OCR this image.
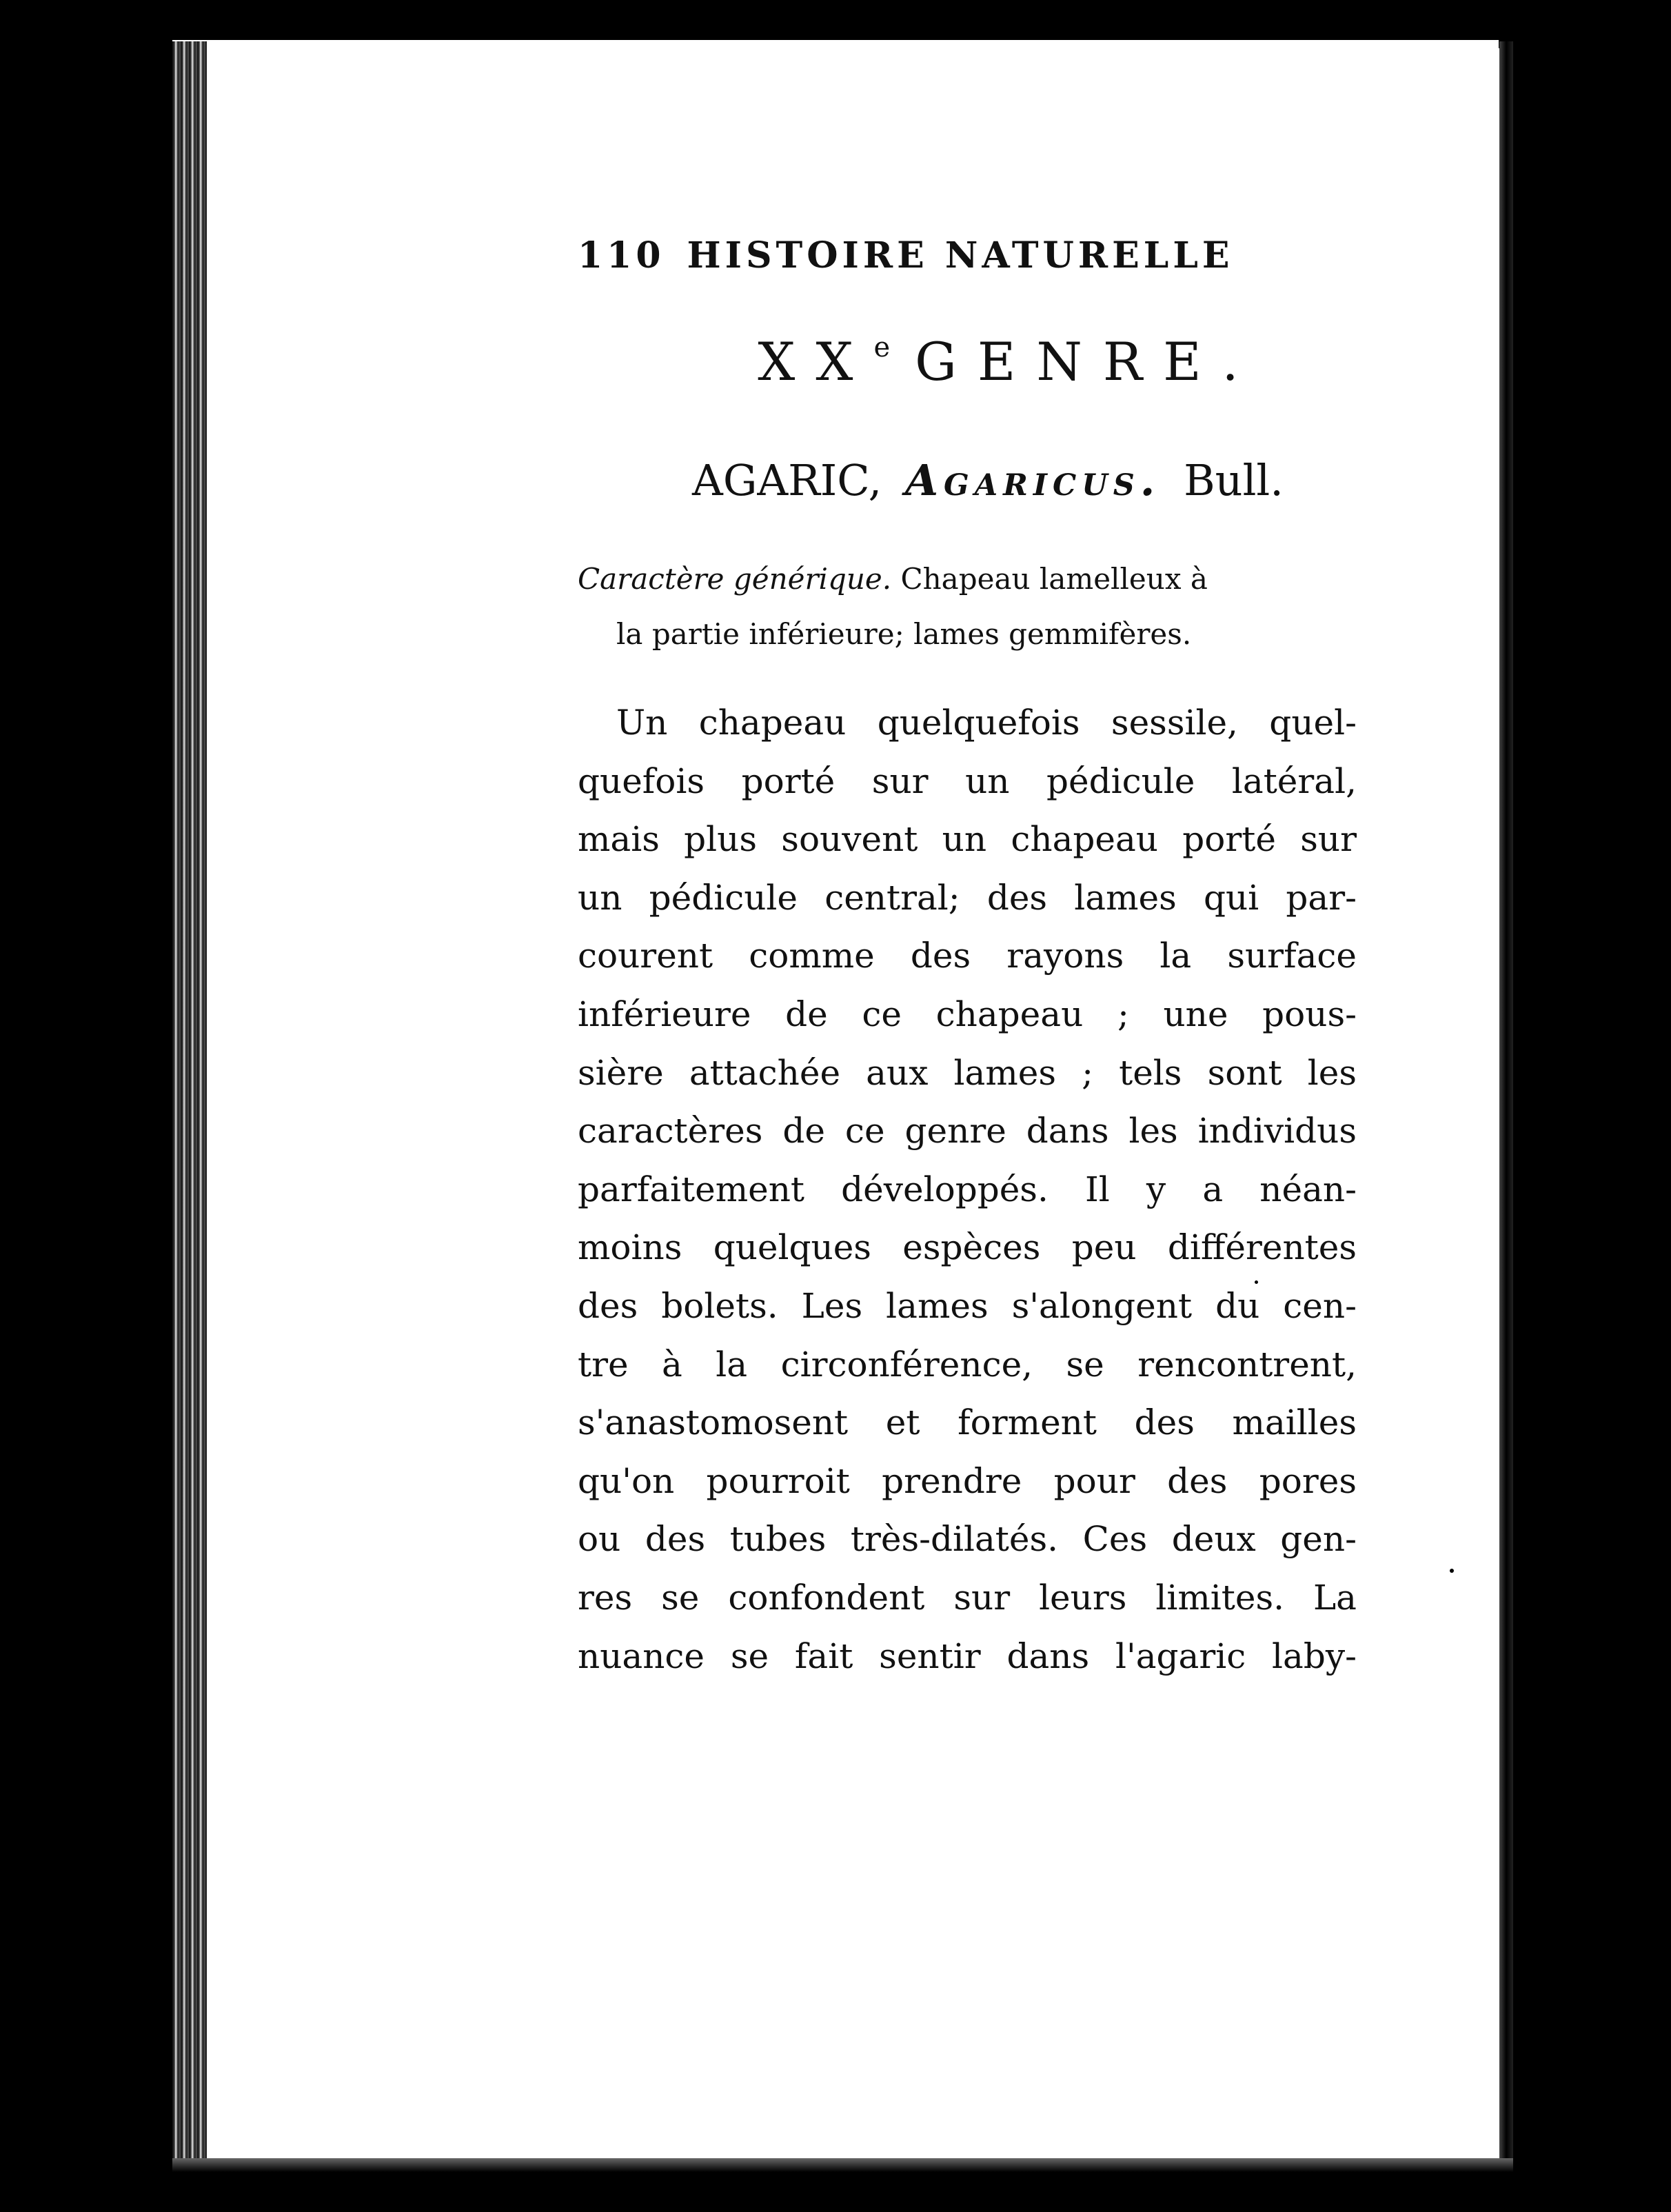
110 HISTOIRE NATURELLE
XXe GENRE.
AGARIC, Agaricus. Bull.
Caractère générique. Chapeau lamelleux à
la partie inférieure; lames gemmifères.
Un chapeau quelquefois sessile, quel-
quefois porté sur un pédicule latéral,
mais plus souvent un chapeau porté sur
un pédicule central; des lames qui par-
courent comme des rayons la surface
inférieure de ce chapeau ; une pous-
sière attachée aux lames ; tels sont les
caractères de ce genre dans les individus
parfaitement développés. Il y a néan-
moins quelques espèces peu différentes
des bolets. Les lames s'alongent du cen-
tre à la circonférence, se rencontrent,
s'anastomosent et forment des mailles
qu'on pourroit prendre pour des pores
ou des tubes très-dilatés. Ces deux gen-
res se confondent sur leurs limites. La
nuance se fait sentir dans l'agaric laby-
